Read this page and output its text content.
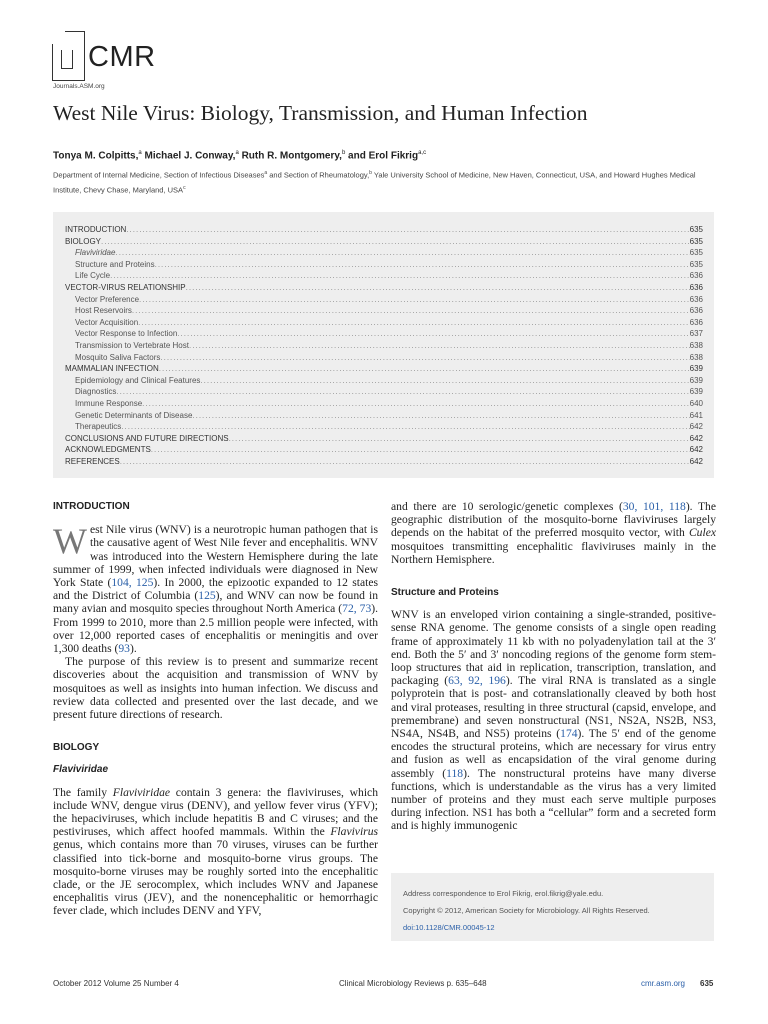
CMR
Journals.ASM.org
West Nile Virus: Biology, Transmission, and Human Infection
Tonya M. Colpitts,$^a$ Michael J. Conway,$^a$ Ruth R. Montgomery,$^b$ and Erol Fikrig$^{a,c}$
Department of Internal Medicine, Section of Infectious Diseases$^a$ and Section of Rheumatology,$^b$ Yale University School of Medicine, New Haven, Connecticut, USA, and Howard Hughes Medical Institute, Chevy Chase, Maryland, USA$^c$
INTRODUCTION .....	635
BIOLOGY .....	635
Flaviviridae .....	635
Structure and Proteins .....	635
Life Cycle .....	636
VECTOR-VIRUS RELATIONSHIP .....	636
Vector Preference .....	636
Host Reservoirs .....	636
Vector Acquisition .....	636
Vector Response to Infection .....	637
Transmission to Vertebrate Host .....	638
Mosquito Saliva Factors .....	638
MAMMALIAN INFECTION .....	639
Epidemiology and Clinical Features .....	639
Diagnostics .....	639
Immune Response .....	640
Genetic Determinants of Disease .....	641
Therapeutics .....	642
CONCLUSIONS AND FUTURE DIRECTIONS .....	642
ACKNOWLEDGMENTS .....	642
REFERENCES .....	642

INTRODUCTION

West Nile virus (WNV) is a neurotropic human pathogen that is the causative agent of West Nile fever and encephalitis. WNV was introduced into the Western Hemisphere during the late summer of 1999, when infected individuals were diagnosed in New York State (104, 125). In 2000, the epizootic expanded to 12 states and the District of Columbia (125), and WNV can now be found in many avian and mosquito species throughout North America (72, 73). From 1999 to 2010, more than 2.5 million people were infected, with over 12,000 reported cases of encephalitis or meningitis and over 1,300 deaths (93).

The purpose of this review is to present and summarize recent discoveries about the acquisition and transmission of WNV by mosquitoes as well as insights into human infection. We discuss and review data collected and presented over the last decade, and we present future directions of research.

BIOLOGY

Flaviviridae

The family Flaviviridae contain 3 genera: the flaviviruses, which include WNV, dengue virus (DENV), and yellow fever virus (YFV); the hepaciviruses, which include hepatitis B and C viruses; and the pestiviruses, which affect hoofed mammals. Within the Flavivirus genus, which contains more than 70 viruses, viruses can be further classified into tick-borne and mosquito-borne virus groups. The mosquito-borne viruses may be roughly sorted into the encephalitic clade, or the JE serocomplex, which includes WNV and Japanese encephalitis virus (JEV), and the nonencephalitic or hemorrhagic fever clade, which includes DENV and YFV,

and there are 10 serologic/genetic complexes (30, 101, 118). The geographic distribution of the mosquito-borne flaviviruses largely depends on the habitat of the preferred mosquito vector, with Culex mosquitoes transmitting encephalitic flaviviruses mainly in the Northern Hemisphere.

Structure and Proteins

WNV is an enveloped virion containing a single-stranded, positive-sense RNA genome. The genome consists of a single open reading frame of approximately 11 kb with no polyadenylation tail at the 3′ end. Both the 5′ and 3′ noncoding regions of the genome form stem-loop structures that aid in replication, transcription, translation, and packaging (63, 92, 196). The viral RNA is translated as a single polyprotein that is post- and cotranslationally cleaved by both host and viral proteases, resulting in three structural (capsid, envelope, and premembrane) and seven nonstructural (NS1, NS2A, NS2B, NS3, NS4A, NS4B, and NS5) proteins (174). The 5′ end of the genome encodes the structural proteins, which are necessary for virus entry and fusion as well as encapsidation of the viral genome during assembly (118). The nonstructural proteins have many diverse functions, which is understandable as the virus has a very limited number of proteins and they must each serve multiple purposes during infection. NS1 has both a “cellular” form and a secreted form and is highly immunogenic

Address correspondence to Erol Fikrig, erol.fikrig@yale.edu.
Copyright © 2012, American Society for Microbiology. All Rights Reserved.
doi:10.1128/CMR.00045-12
October 2012 Volume 25 Number 4	Clinical Microbiology Reviews p. 635–648	cmr.asm.org 635
